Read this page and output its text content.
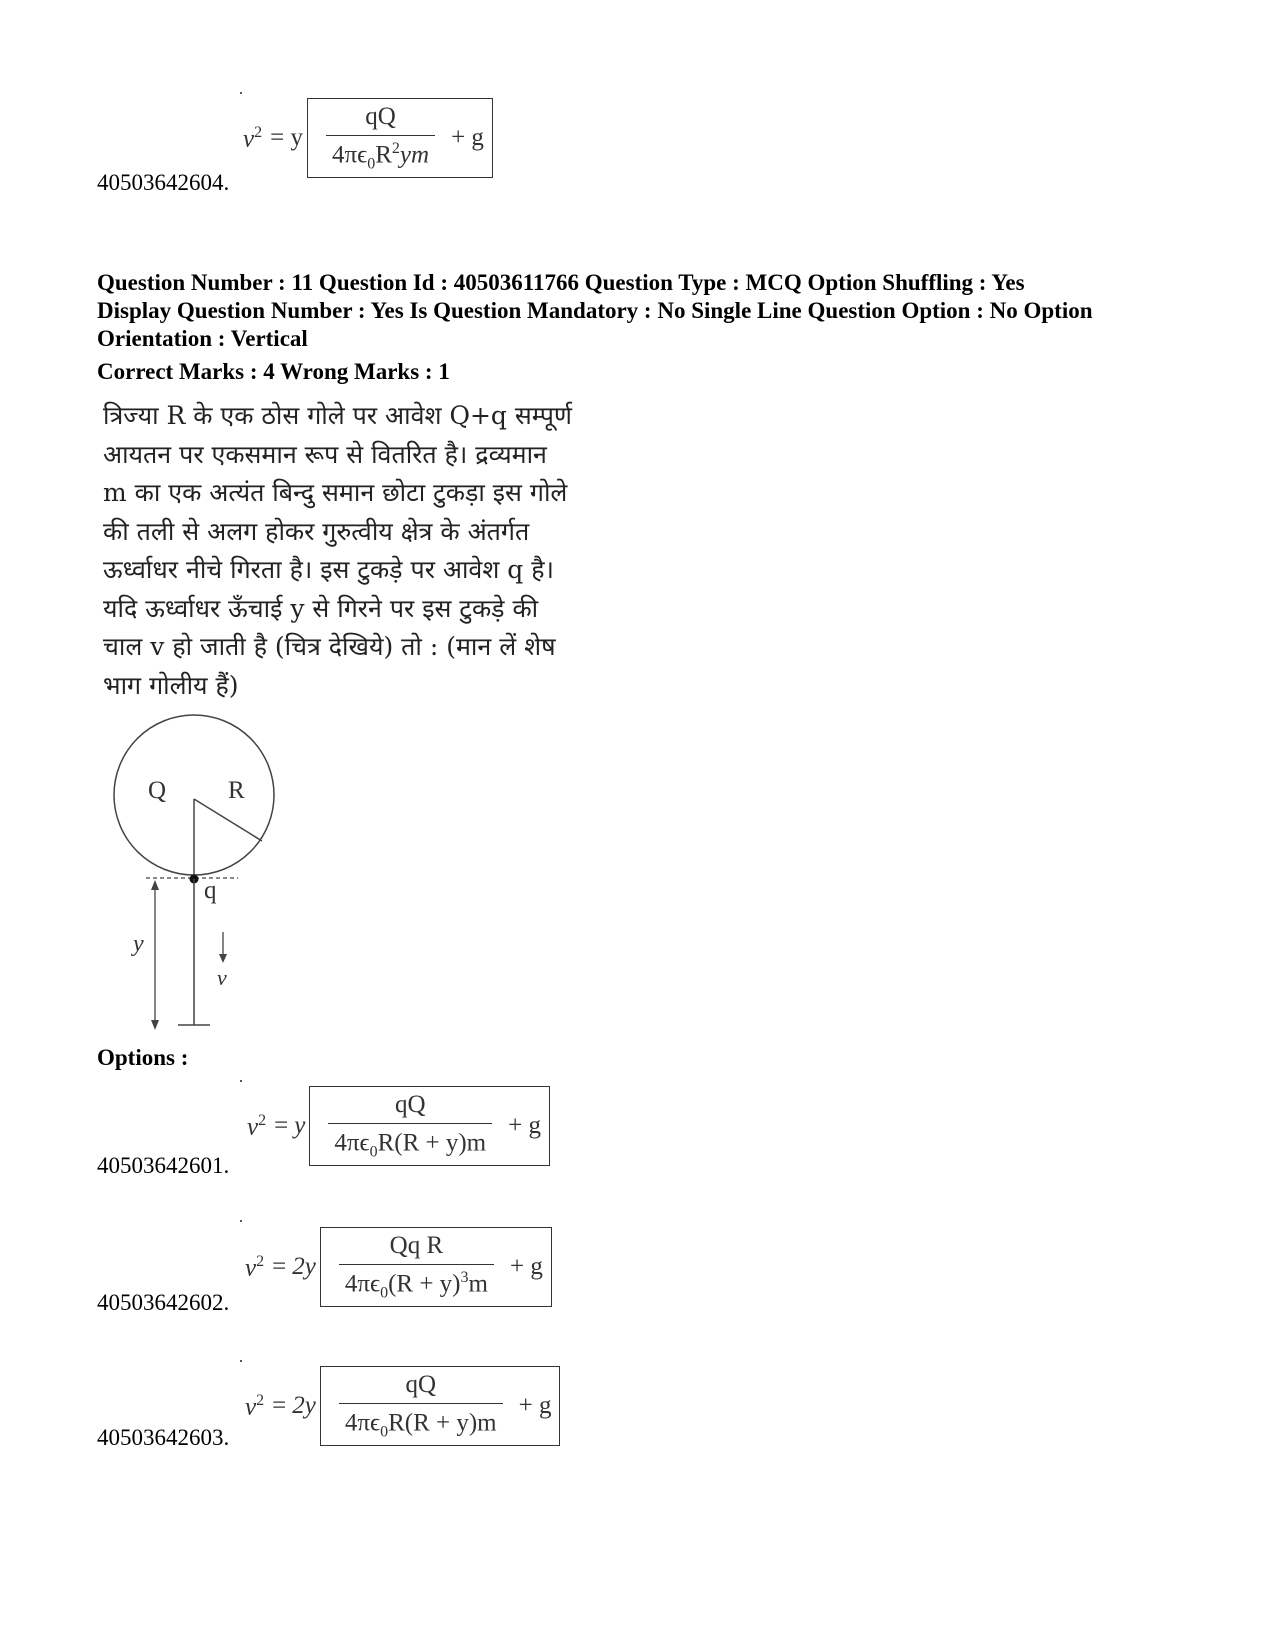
$v^2 = y \frac{qQ}{4\pi\epsilon_0R^2ym} + g$
40503642604.
Question Number : 11 Question Id : 40503611766 Question Type : MCQ Option Shuffling : Yes
Display Question Number : Yes Is Question Mandatory : No Single Line Question Option : No Option
Orientation : Vertical
Correct Marks : 4 Wrong Marks : 1
त्रिज्या R के एक ठोस गोले पर आवेश Q+q सम्पूर्ण
आयतन पर एकसमान रूप से वितरित है। द्रव्यमान
m का एक अत्यंत बिन्दु समान छोटा टुकड़ा इस गोले
की तली से अलग होकर गुरुत्वीय क्षेत्र के अंतर्गत
ऊर्ध्वाधर नीचे गिरता है। इस टुकड़े पर आवेश q है।
यदि ऊर्ध्वाधर ऊँचाई y से गिरने पर इस टुकड़े की
चाल v हो जाती है (चित्र देखिये) तो : (मान लें शेष
भाग गोलीय हैं)
Q R
q
y
v
Options :
$v^2 = y \frac{qQ}{4\pi\epsilon_0R(R + y)m} + g$
40503642601.
$v^2 = 2y \frac{\text{Qq R}}{4\pi\epsilon_0(R + y)^3m} + g$
40503642602.
$v^2 = 2y \frac{qQ}{4\pi\epsilon_0R(R + y)m} + g$
40503642603.
